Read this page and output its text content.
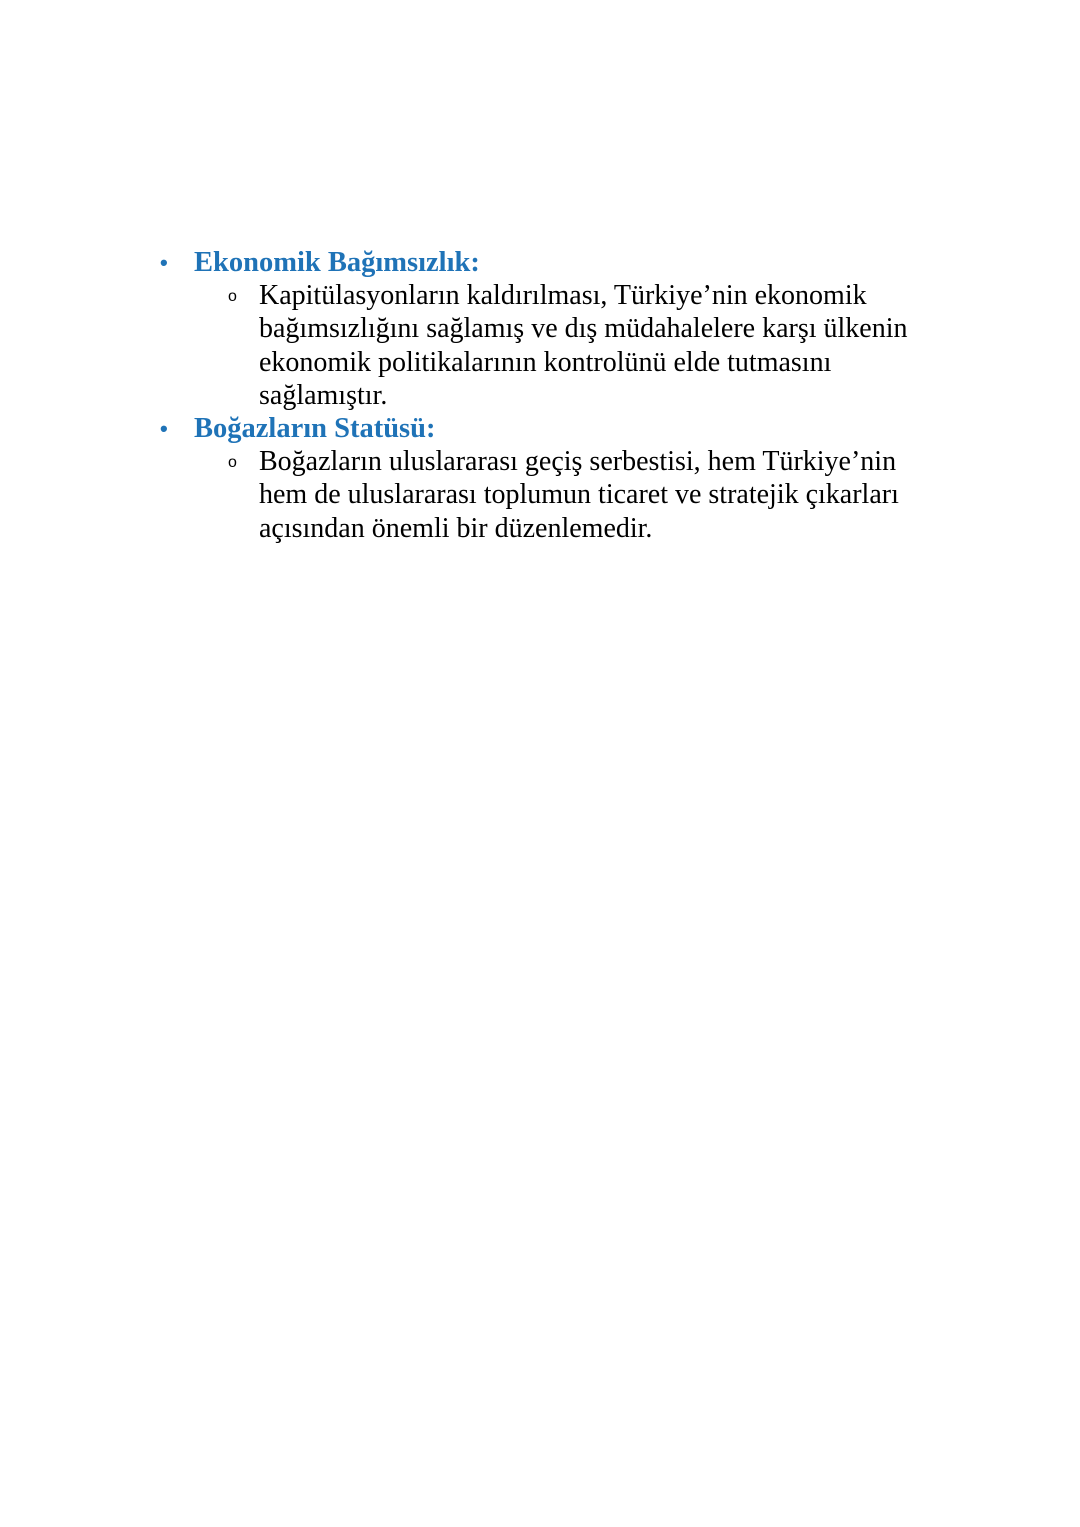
• Ekonomik Bağımsızlık:
o Kapitülasyonların kaldırılması, Türkiye’nin ekonomik
bağımsızlığını sağlamış ve dış müdahalelere karşı ülkenin
ekonomik politikalarının kontrolünü elde tutmasını
sağlamıştır.
• Boğazların Statüsü:
o Boğazların uluslararası geçiş serbestisi, hem Türkiye’nin
hem de uluslararası toplumun ticaret ve stratejik çıkarları
açısından önemli bir düzenlemedir.
